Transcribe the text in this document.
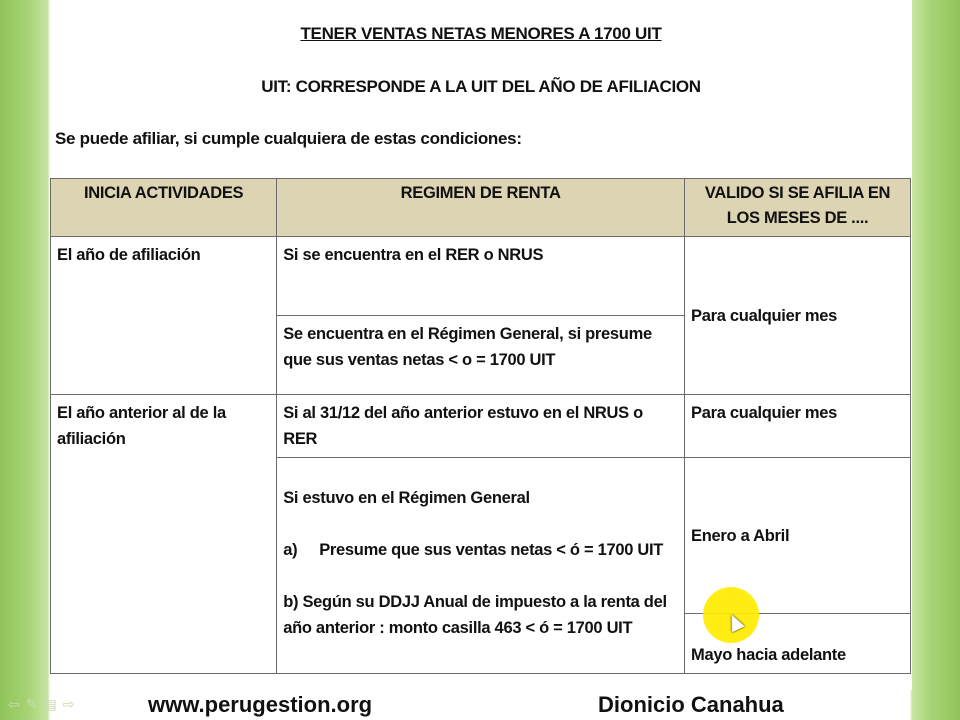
TENER VENTAS NETAS MENORES A 1700 UIT
UIT: CORRESPONDE A LA UIT DEL AÑO DE AFILIACION
Se puede afiliar, si cumple cualquiera de estas condiciones:
INICIA ACTIVIDADES	REGIMEN DE RENTA	VALIDO SI SE AFILIA EN LOS MESES DE ....
El año de afiliación	Si se encuentra en el RER o NRUS	Para cualquier mes
	Se encuentra en el Régimen General, si presume que sus ventas netas < o = 1700 UIT	
El año anterior al de la afiliación	Si al 31/12 del año anterior estuvo en el NRUS o RER	Para cualquier mes

	Si estuvo en el Régimen General
a) Presume que sus ventas netas < ó = 1700 UIT
b) Según su DDJJ Anual de impuesto a la renta del año anterior : monto casilla 463 < ó = 1700 UIT	Enero a Abril
		Mayo hacia adelante
⇦ ✎ ▤ ⇨	www.perugestion.org	Dionicio Canahua
